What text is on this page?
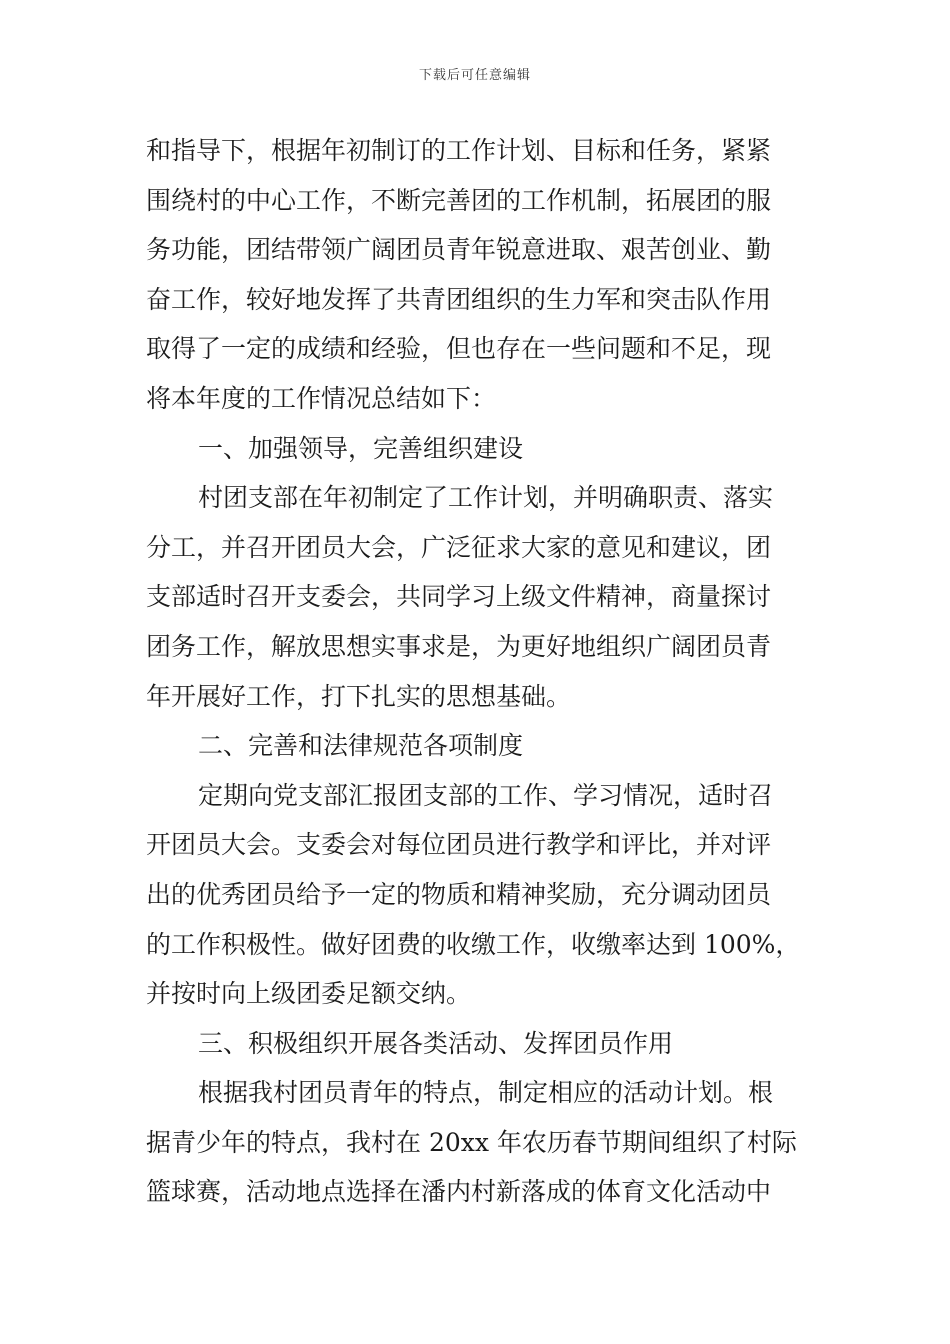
下载后可任意编辑
和指导下，根据年初制订的工作计划、目标和任务，紧紧
围绕村的中心工作，不断完善团的工作机制，拓展团的服
务功能，团结带领广阔团员青年锐意进取、艰苦创业、勤
奋工作，较好地发挥了共青团组织的生力军和突击队作用
取得了一定的成绩和经验，但也存在一些问题和不足，现
将本年度的工作情况总结如下：
一、加强领导，完善组织建设
村团支部在年初制定了工作计划，并明确职责、落实
分工，并召开团员大会，广泛征求大家的意见和建议，团
支部适时召开支委会，共同学习上级文件精神，商量探讨
团务工作，解放思想实事求是，为更好地组织广阔团员青
年开展好工作，打下扎实的思想基础。
二、完善和法律规范各项制度
定期向党支部汇报团支部的工作、学习情况，适时召
开团员大会。支委会对每位团员进行教学和评比，并对评
出的优秀团员给予一定的物质和精神奖励，充分调动团员
的工作积极性。做好团费的收缴工作，收缴率达到 100%，
并按时向上级团委足额交纳。
三、积极组织开展各类活动、发挥团员作用
根据我村团员青年的特点，制定相应的活动计划。根
据青少年的特点，我村在 20xx 年农历春节期间组织了村际
篮球赛，活动地点选择在潘内村新落成的体育文化活动中
